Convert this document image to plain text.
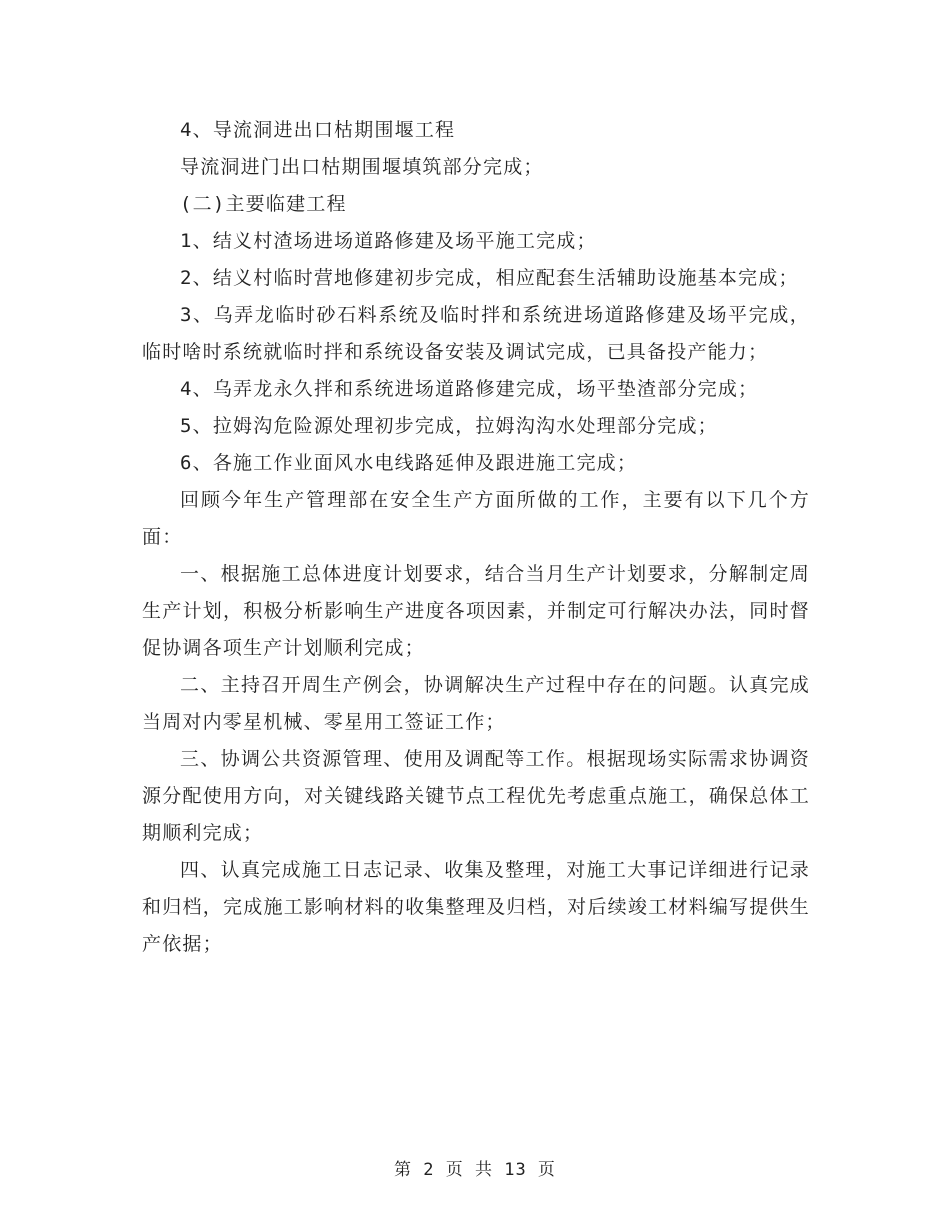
4、导流洞进出口枯期围堰工程

导流洞进门出口枯期围堰填筑部分完成；

(二)主要临建工程

1、结义村渣场进场道路修建及场平施工完成；

2、结义村临时营地修建初步完成，相应配套生活辅助设施基本完成；

3、乌弄龙临时砂石料系统及临时拌和系统进场道路修建及场平完成，临时啥时系统就临时拌和系统设备安装及调试完成，已具备投产能力；

4、乌弄龙永久拌和系统进场道路修建完成，场平垫渣部分完成；

5、拉姆沟危险源处理初步完成，拉姆沟沟水处理部分完成；

6、各施工作业面风水电线路延伸及跟进施工完成；

回顾今年生产管理部在安全生产方面所做的工作，主要有以下几个方面：

一、根据施工总体进度计划要求，结合当月生产计划要求，分解制定周生产计划，积极分析影响生产进度各项因素，并制定可行解决办法，同时督促协调各项生产计划顺利完成；

二、主持召开周生产例会，协调解决生产过程中存在的问题。认真完成当周对内零星机械、零星用工签证工作；

三、协调公共资源管理、使用及调配等工作。根据现场实际需求协调资源分配使用方向，对关键线路关键节点工程优先考虑重点施工，确保总体工期顺利完成；

四、认真完成施工日志记录、收集及整理，对施工大事记详细进行记录和归档，完成施工影响材料的收集整理及归档，对后续竣工材料编写提供生产依据；

第 2 页 共 13 页
